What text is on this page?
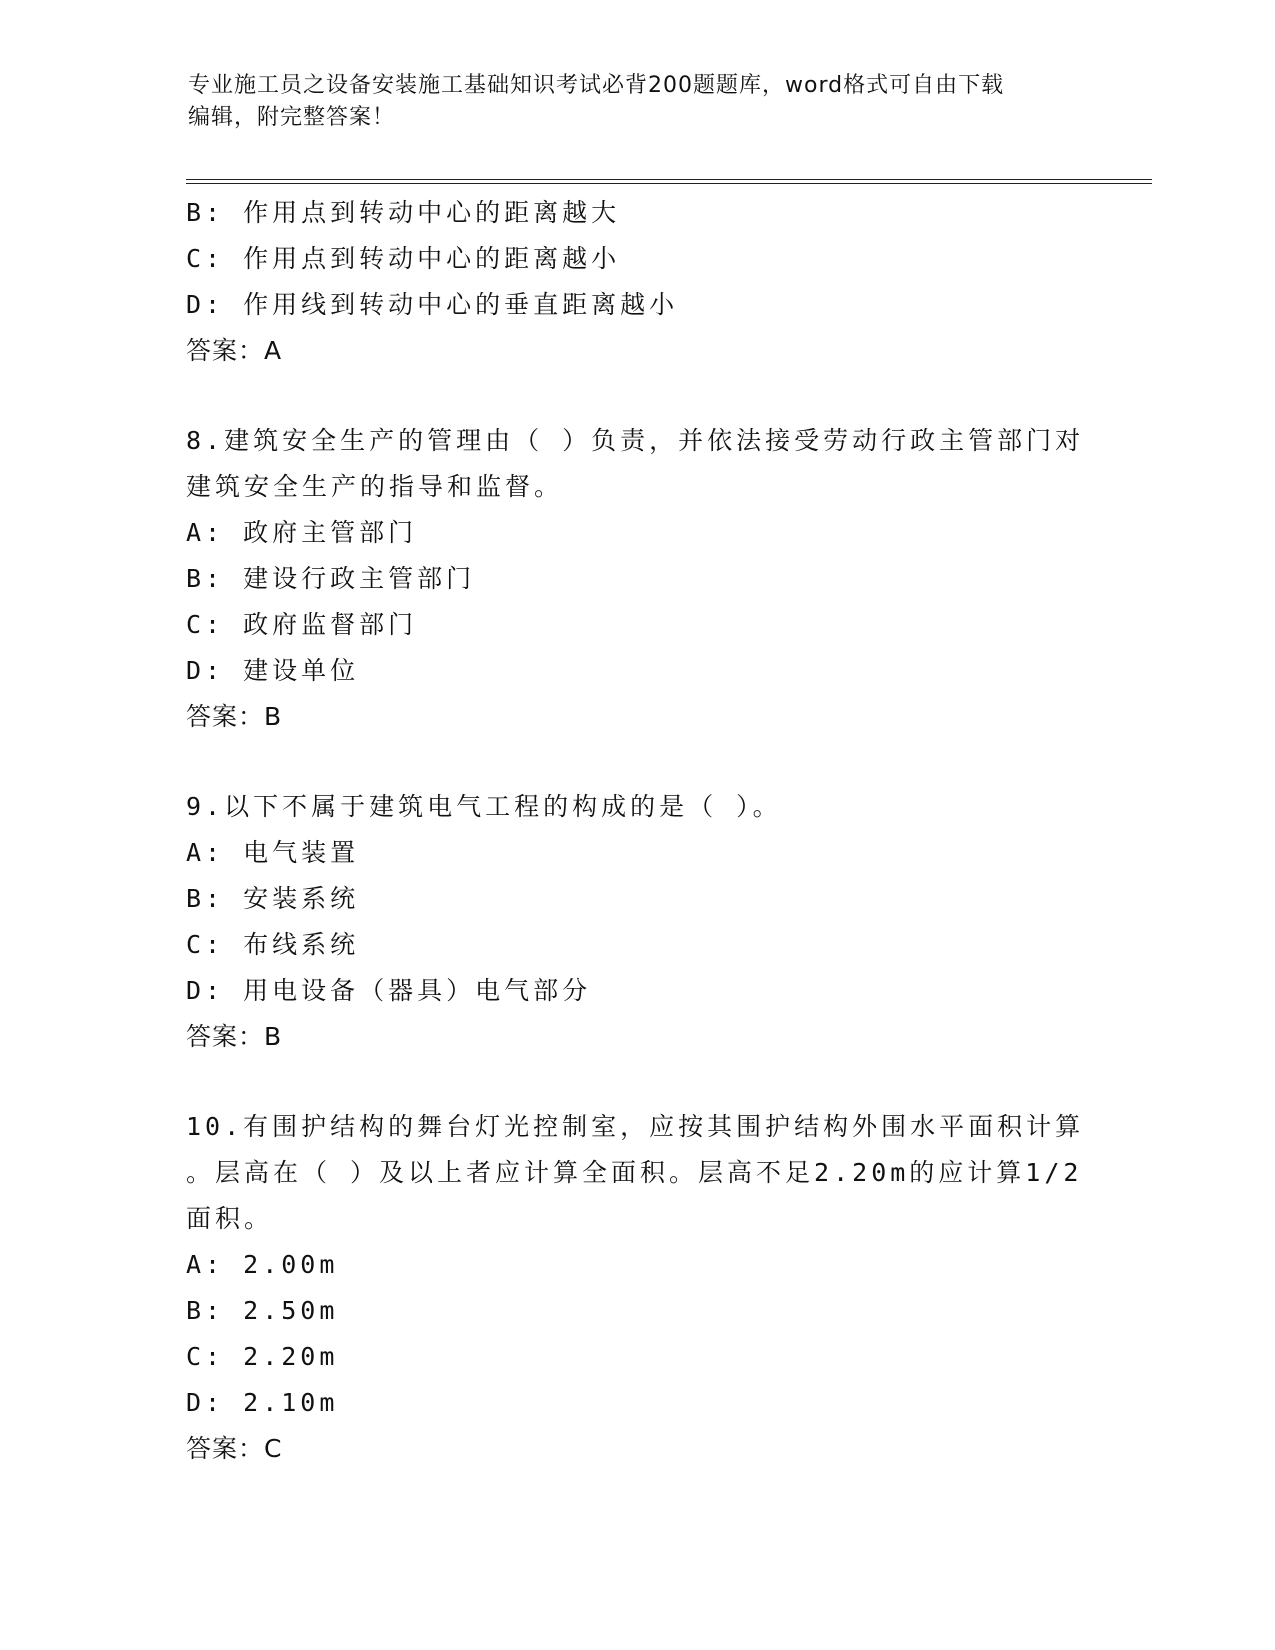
专业施工员之设备安装施工基础知识考试必背200题题库，word格式可自由下载
编辑，附完整答案！
B: 作用点到转动中心的距离越大
C: 作用点到转动中心的距离越小
D: 作用线到转动中心的垂直距离越小
答案：A
8.建筑安全生产的管理由（ ）负责，并依法接受劳动行政主管部门对
建筑安全生产的指导和监督。
A: 政府主管部门
B: 建设行政主管部门
C: 政府监督部门
D: 建设单位
答案：B
9.以下不属于建筑电气工程的构成的是（ ）。
A: 电气装置
B: 安装系统
C: 布线系统
D: 用电设备（器具）电气部分
答案：B
10.有围护结构的舞台灯光控制室，应按其围护结构外围水平面积计算
。层高在（ ）及以上者应计算全面积。层高不足2.20m的应计算1/2
面积。
A: 2.00m
B: 2.50m
C: 2.20m
D: 2.10m
答案：C
